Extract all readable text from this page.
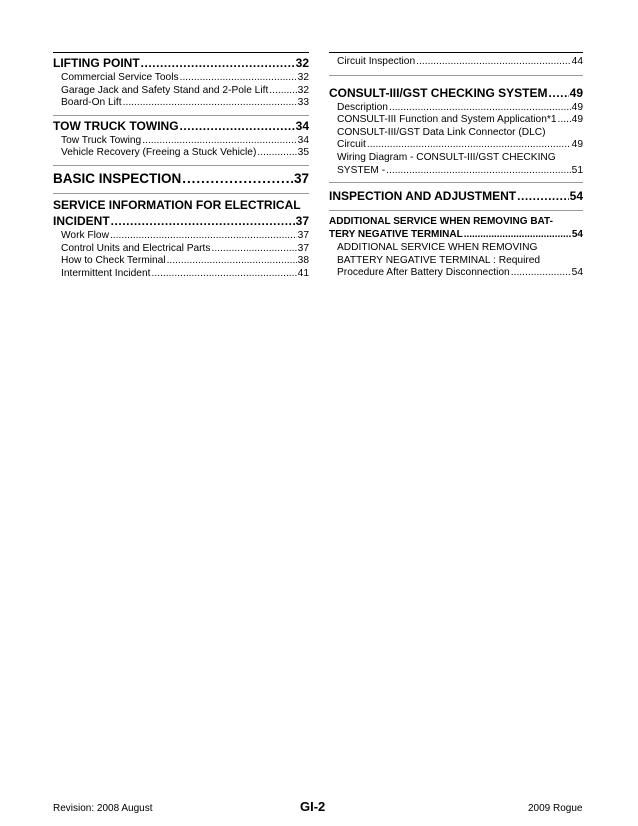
LIFTING POINT . . .	32
Commercial Service Tools . . .	32
Garage Jack and Safety Stand and 2-Pole Lift . . .	32
Board-On Lift . . .	33
TOW TRUCK TOWING . . .	34
Tow Truck Towing . . .	34
Vehicle Recovery (Freeing a Stuck Vehicle) . . .	35
BASIC INSPECTION . . .	37
SERVICE INFORMATION FOR ELECTRICAL
INCIDENT . . .	37
Work Flow . . .	37
Control Units and Electrical Parts . . .	37
How to Check Terminal . . .	38
Intermittent Incident . . .	41
Circuit Inspection . . .	44
CONSULT-III/GST CHECKING SYSTEM . . . 49
Description . . .	49
CONSULT-III Function and System Application*1 . . . 49
CONSULT-III/GST Data Link Connector (DLC)
Circuit . . .	49
Wiring Diagram - CONSULT-III/GST CHECKING
SYSTEM - . . .	51
INSPECTION AND ADJUSTMENT . . .	54
ADDITIONAL SERVICE WHEN REMOVING BAT-
TERY NEGATIVE TERMINAL . . .	54
ADDITIONAL SERVICE WHEN REMOVING
BATTERY NEGATIVE TERMINAL : Required
Procedure After Battery Disconnection . . .	54
Revision: 2008 August	GI-2	2009 Rogue
